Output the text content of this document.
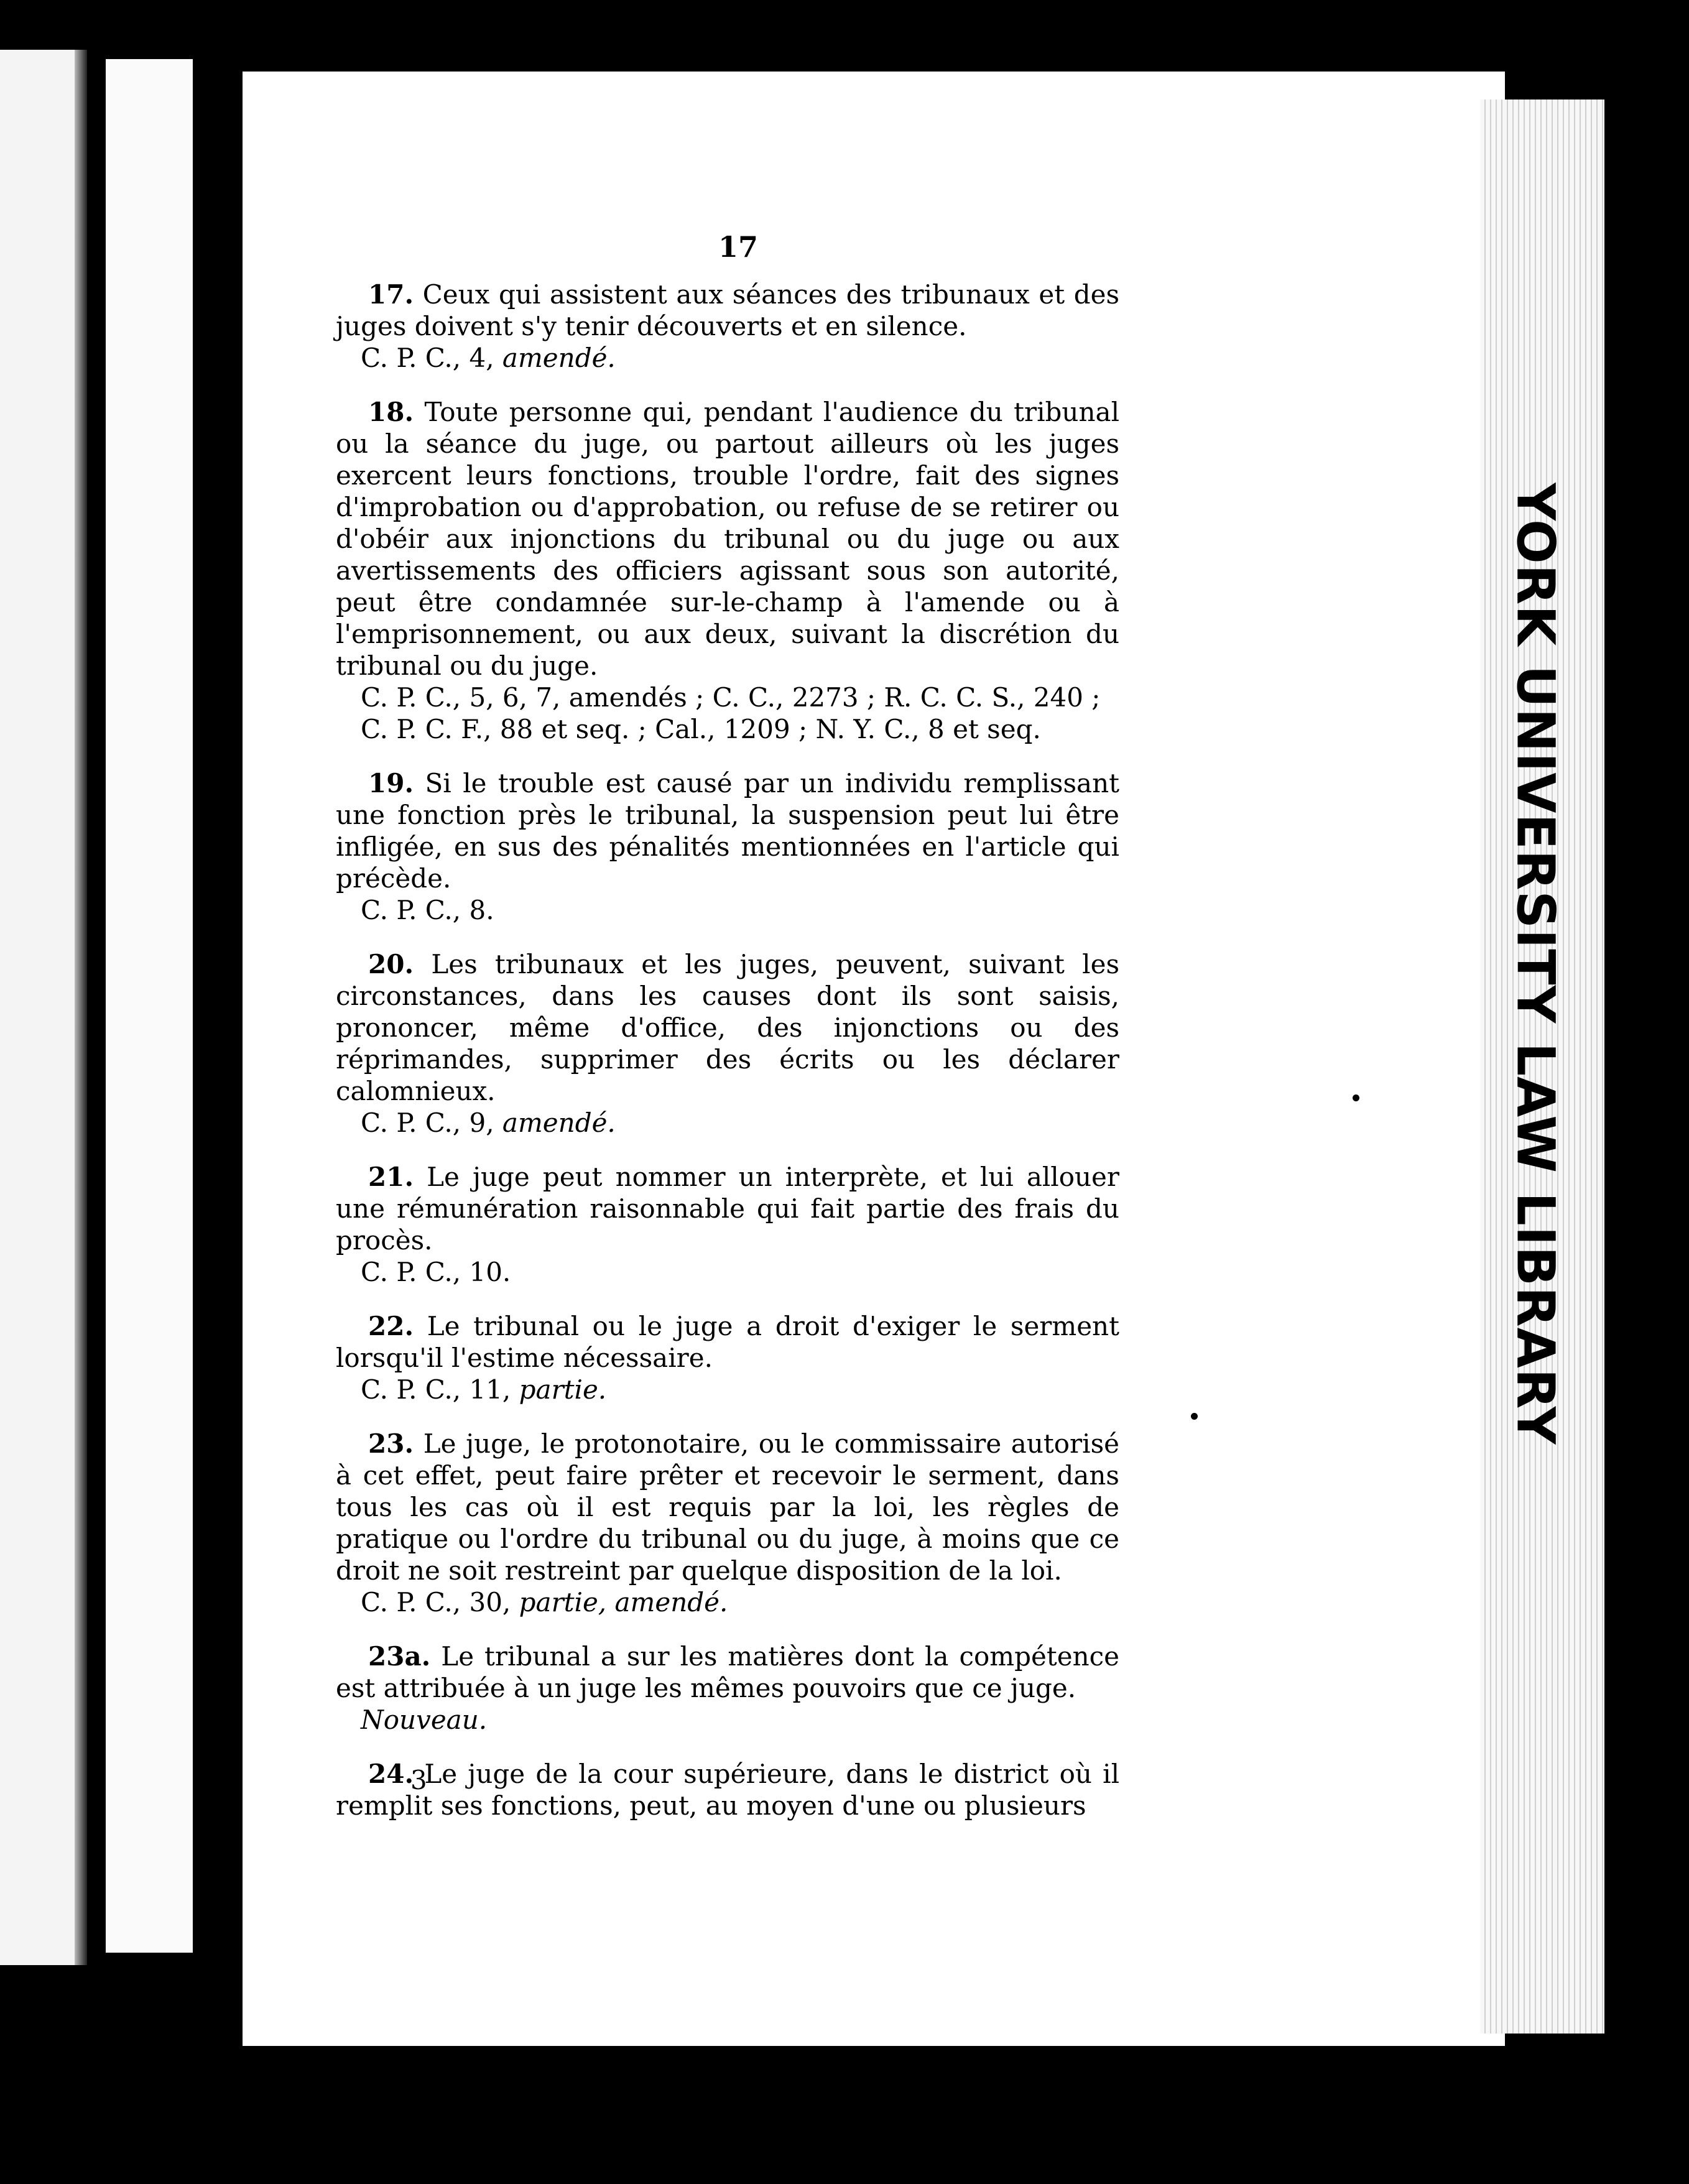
YORK UNIVERSITY LAW LIBRARY
17

17. Ceux qui assistent aux séances des tribunaux et des juges doivent s'y tenir découverts et en silence.

C. P. C., 4, amendé.

18. Toute personne qui, pendant l'audience du tribunal ou la séance du juge, ou partout ailleurs où les juges exercent leurs fonctions, trouble l'ordre, fait des signes d'improbation ou d'approbation, ou refuse de se retirer ou d'obéir aux injonctions du tribunal ou du juge ou aux avertissements des officiers agissant sous son autorité, peut être condamnée sur-le-champ à l'amende ou à l'emprisonnement, ou aux deux, suivant la discrétion du tribunal ou du juge.

C. P. C., 5, 6, 7, amendés ; C. C., 2273 ; R. C. C. S., 240 ; C. P. C. F., 88 et seq. ; Cal., 1209 ; N. Y. C., 8 et seq.

19. Si le trouble est causé par un individu remplissant une fonction près le tribunal, la suspension peut lui être infligée, en sus des pénalités mentionnées en l'article qui précède.

C. P. C., 8.

20. Les tribunaux et les juges, peuvent, suivant les circonstances, dans les causes dont ils sont saisis, prononcer, même d'office, des injonctions ou des réprimandes, supprimer des écrits ou les déclarer calomnieux.

C. P. C., 9, amendé.

21. Le juge peut nommer un interprète, et lui allouer une rémunération raisonnable qui fait partie des frais du procès.

C. P. C., 10.

22. Le tribunal ou le juge a droit d'exiger le serment lorsqu'il l'estime nécessaire.

C. P. C., 11, partie.

23. Le juge, le protonotaire, ou le commissaire autorisé à cet effet, peut faire prêter et recevoir le serment, dans tous les cas où il est requis par la loi, les règles de pratique ou l'ordre du tribunal ou du juge, à moins que ce droit ne soit restreint par quelque disposition de la loi.

C. P. C., 30, partie, amendé.

23a. Le tribunal a sur les matières dont la compétence est attribuée à un juge les mêmes pouvoirs que ce juge.

Nouveau.

24. Le juge de la cour supérieure, dans le district où il remplit ses fonctions, peut, au moyen d'une ou plusieurs

3
